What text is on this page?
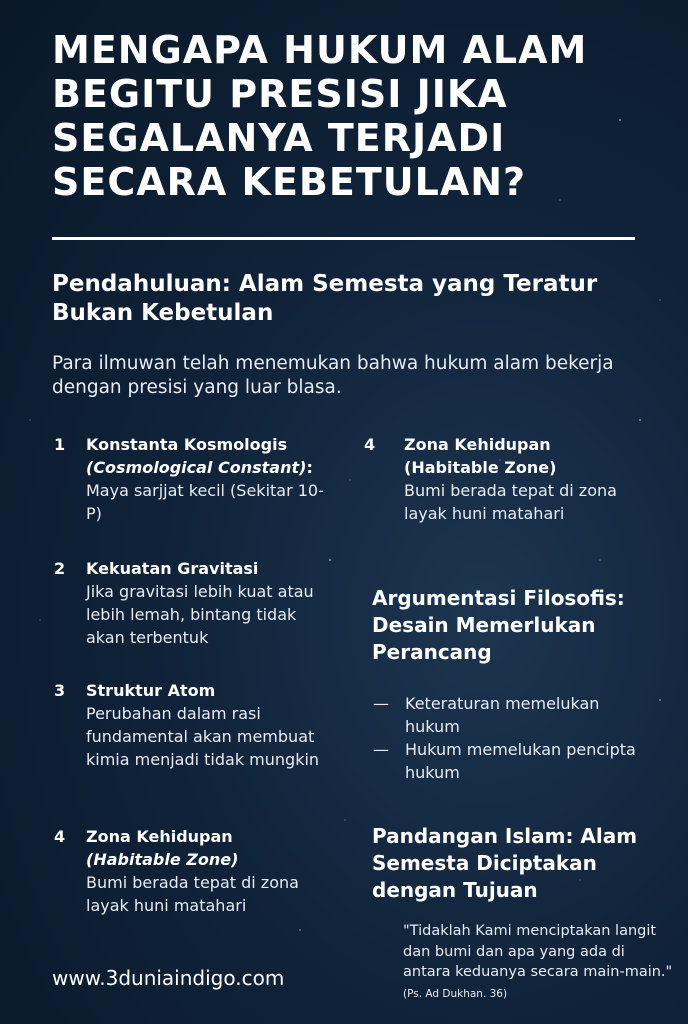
MENGAPA HUKUM ALAM BEGITU PRESISI JIKA SEGALANYA TERJADI SECARA KEBETULAN?
Pendahuluan: Alam Semesta yang Teratur Bukan Kebetulan

Para ilmuwan telah menemukan bahwa hukum alam bekerja dengan presisi yang luar blasa.

1 Konstanta Kosmologis
(Cosmological Constant): Maya sarjjat kecil (Sekitar 10-P)

2 Kekuatan Gravitasi

Jika gravitasi lebih kuat atau lebih lemah, bintang tidak akan terbentuk

3 Struktur Atom

Perubahan dalam rasi fundamental akan membuat kimia menjadi tidak mungkin

4 Zona Kehidupan
(Habitable Zone)

Bumi berada tepat di zona layak huni matahari

4 Zona Kehidupan
(Habitable Zone)

Bumi berada tepat di zona layak huni matahari

Argumentasi Filosofis: Desain Memerlukan Perancang
— Keteraturan memelukan hukum
— Hukum memelukan pencipta hukum
Pandangan Islam: Alam Semesta Diciptakan dengan Tujuan

"Tidaklah Kami menciptakan langit dan bumi dan apa yang ada di antara keduanya secara main-main." (Ps. Ad Dukhan. 36)

www.3duniaindigo.com
